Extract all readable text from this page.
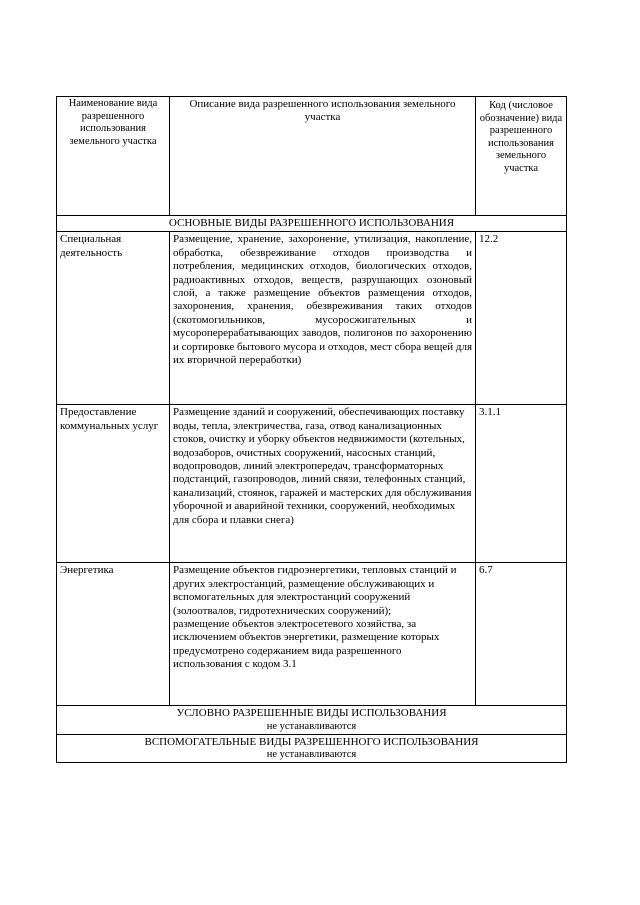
Наименование вида разрешенного использования земельного участка	Описание вида разрешенного использования земельного участка	Код (числовое обозначение) вида разрешенного использования земельного участка
ОСНОВНЫЕ ВИДЫ РАЗРЕШЕННОГО ИСПОЛЬЗОВАНИЯ		
Специальная деятельность	Размещение, хранение, захоронение, утилизация, накопление, обработка, обезвреживание отходов производства и потребления, медицинских отходов, биологических отходов, радиоактивных отходов, веществ, разрушающих озоновый слой, а также размещение объектов размещения отходов, захоронения, хранения, обезвреживания таких отходов (скотомогильников, мусоросжигательных и мусороперерабатывающих заводов, полигонов по захоронению и сортировке бытового мусора и отходов, мест сбора вещей для их вторичной переработки)	12.2
Предоставление коммунальных услуг	Размещение зданий и сооружений, обеспечивающих поставку воды, тепла, электричества, газа, отвод канализационных стоков, очистку и уборку объектов недвижимости (котельных, водозаборов, очистных сооружений, насосных станций, водопроводов, линий электропередач, трансформаторных подстанций, газопроводов, линий связи, телефонных станций, канализаций, стоянок, гаражей и мастерских для обслуживания уборочной и аварийной техники, сооружений, необходимых для сбора и плавки снега)	3.1.1
Энергетика	Размещение объектов гидроэнергетики, тепловых станций и других электростанций, размещение обслуживающих и вспомогательных для электростанций сооружений (золоотвалов, гидротехнических сооружений);
размещение объектов электросетевого хозяйства, за исключением объектов энергетики, размещение которых предусмотрено содержанием вида разрешенного использования с кодом 3.1	6.7
УСЛОВНО РАЗРЕШЕННЫЕ ВИДЫ ИСПОЛЬЗОВАНИЯ
не устанавливаются		

ВСПОМОГАТЕЛЬНЫЕ ВИДЫ РАЗРЕШЕННОГО ИСПОЛЬЗОВАНИЯ
не устанавливаются		
